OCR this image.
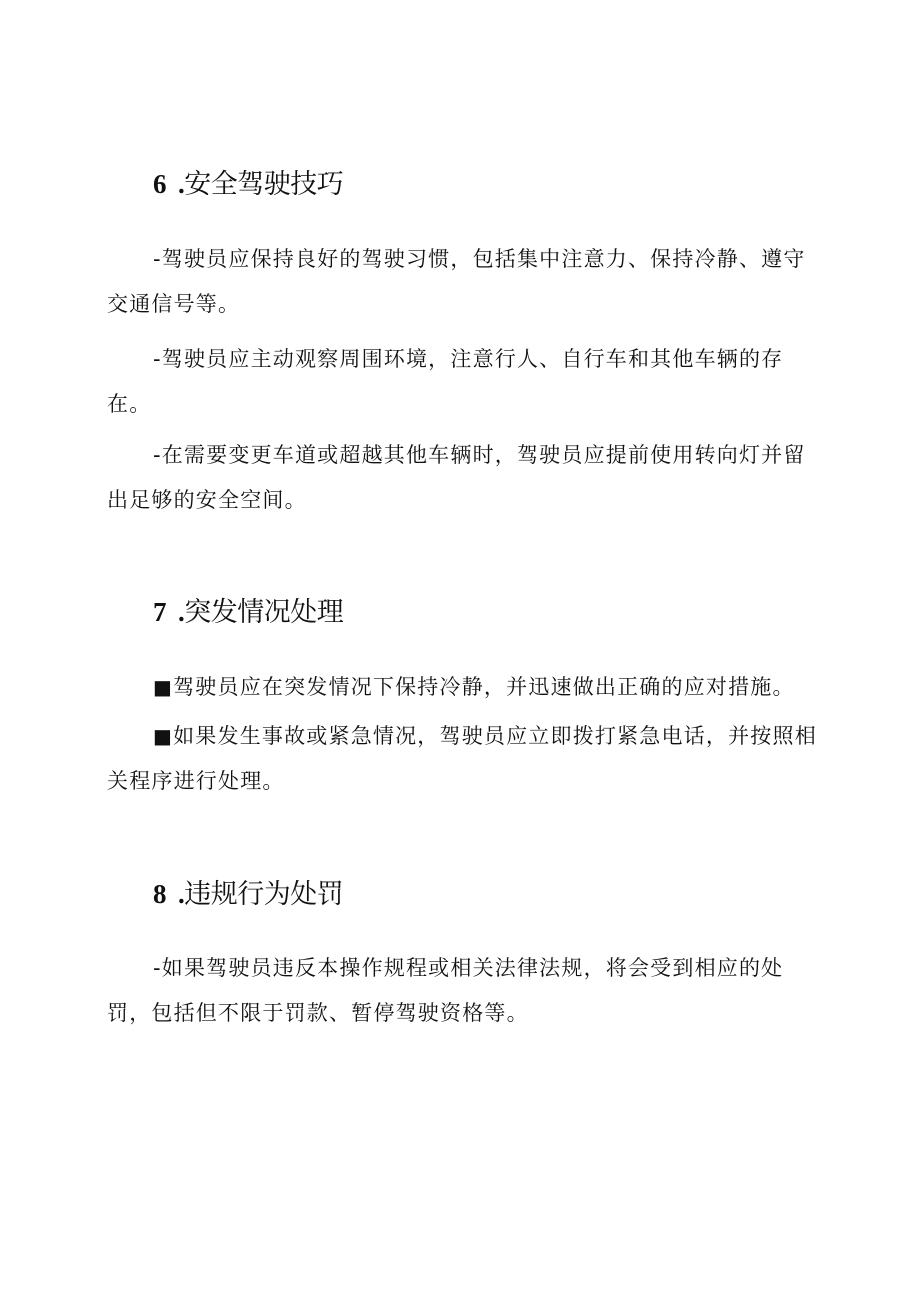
6 .安全驾驶技巧
-驾驶员应保持良好的驾驶习惯，包括集中注意力、保持冷静、遵守交通信号等。
-驾驶员应主动观察周围环境，注意行人、自行车和其他车辆的存在。
-在需要变更车道或超越其他车辆时，驾驶员应提前使用转向灯并留出足够的安全空间。
7 .突发情况处理
■驾驶员应在突发情况下保持冷静，并迅速做出正确的应对措施。
■如果发生事故或紧急情况，驾驶员应立即拨打紧急电话，并按照相关程序进行处理。
8 .违规行为处罚
-如果驾驶员违反本操作规程或相关法律法规，将会受到相应的处罚，包括但不限于罚款、暂停驾驶资格等。
